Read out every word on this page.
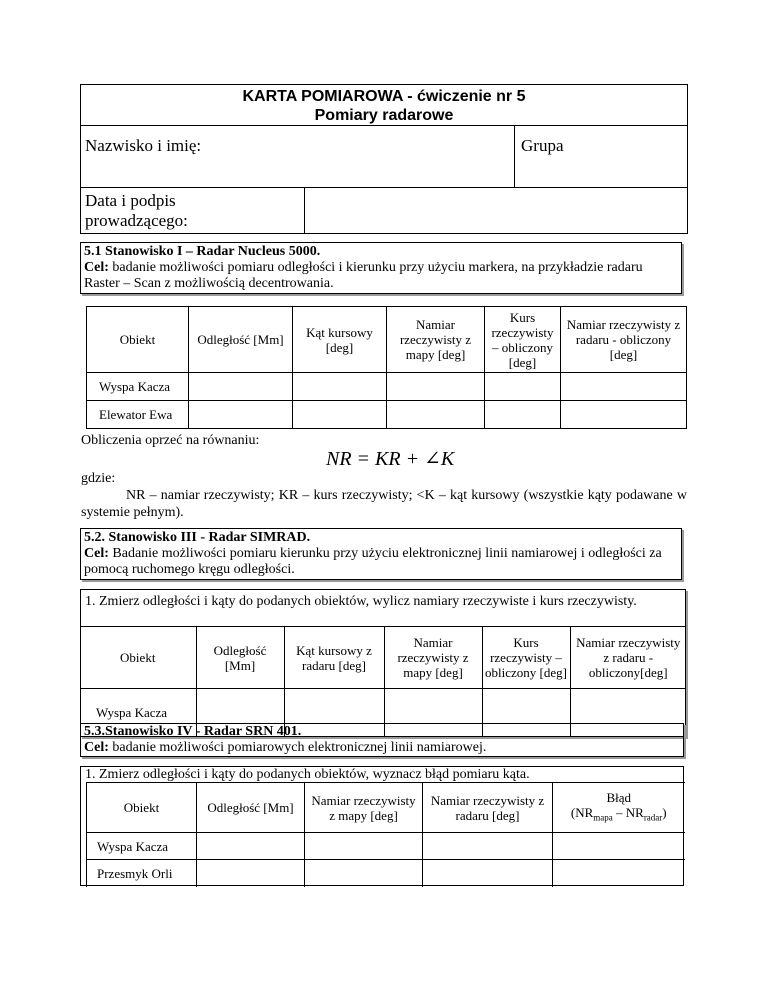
KARTA POMIAROWA - ćwiczenie nr 5
Pomiary radarowe
Nazwisko i imię:	Grupa
Data i podpis
prowadzącego:
5.1 Stanowisko I – Radar Nucleus 5000.
Cel: badanie możliwości pomiaru odległości i kierunku przy użyciu markera, na przykładzie radaru Raster – Scan z możliwością decentrowania.
Obiekt	Odległość [Mm]	Kąt kursowy [deg]	Namiar rzeczywisty z mapy [deg]	Kurs rzeczywisty – obliczony [deg]	Namiar rzeczywisty z radaru - obliczony [deg]
Wyspa Kacza					
Elewator Ewa					
Obliczenia oprzeć na równaniu:
NR = KR + ∠K
gdzie:
NR – namiar rzeczywisty; KR – kurs rzeczywisty; <K – kąt kursowy (wszystkie kąty podawane w systemie pełnym).
5.2. Stanowisko III - Radar SIMRAD.
Cel: Badanie możliwości pomiaru kierunku przy użyciu elektronicznej linii namiarowej i odległości za pomocą ruchomego kręgu odległości.
1. Zmierz odległości i kąty do podanych obiektów, wylicz namiary rzeczywiste i kurs rzeczywisty.
Obiekt	Odległość [Mm]	Kąt kursowy z radaru [deg]	Namiar rzeczywisty z mapy [deg]	Kurs rzeczywisty – obliczony [deg]	Namiar rzeczywisty z radaru - obliczony[deg]
Wyspa Kacza					
5.3.Stanowisko IV - Radar SRN 401.
Cel: badanie możliwości pomiarowych elektronicznej linii namiarowej.
1. Zmierz odległości i kąty do podanych obiektów, wyznacz błąd pomiaru kąta.
Obiekt	Odległość [Mm]	Namiar rzeczywisty z mapy [deg]	Namiar rzeczywisty z radaru [deg]	Błąd
$(NR_{mapa} - NR_{radar})$

Wyspa Kacza				
Przesmyk Orli				
